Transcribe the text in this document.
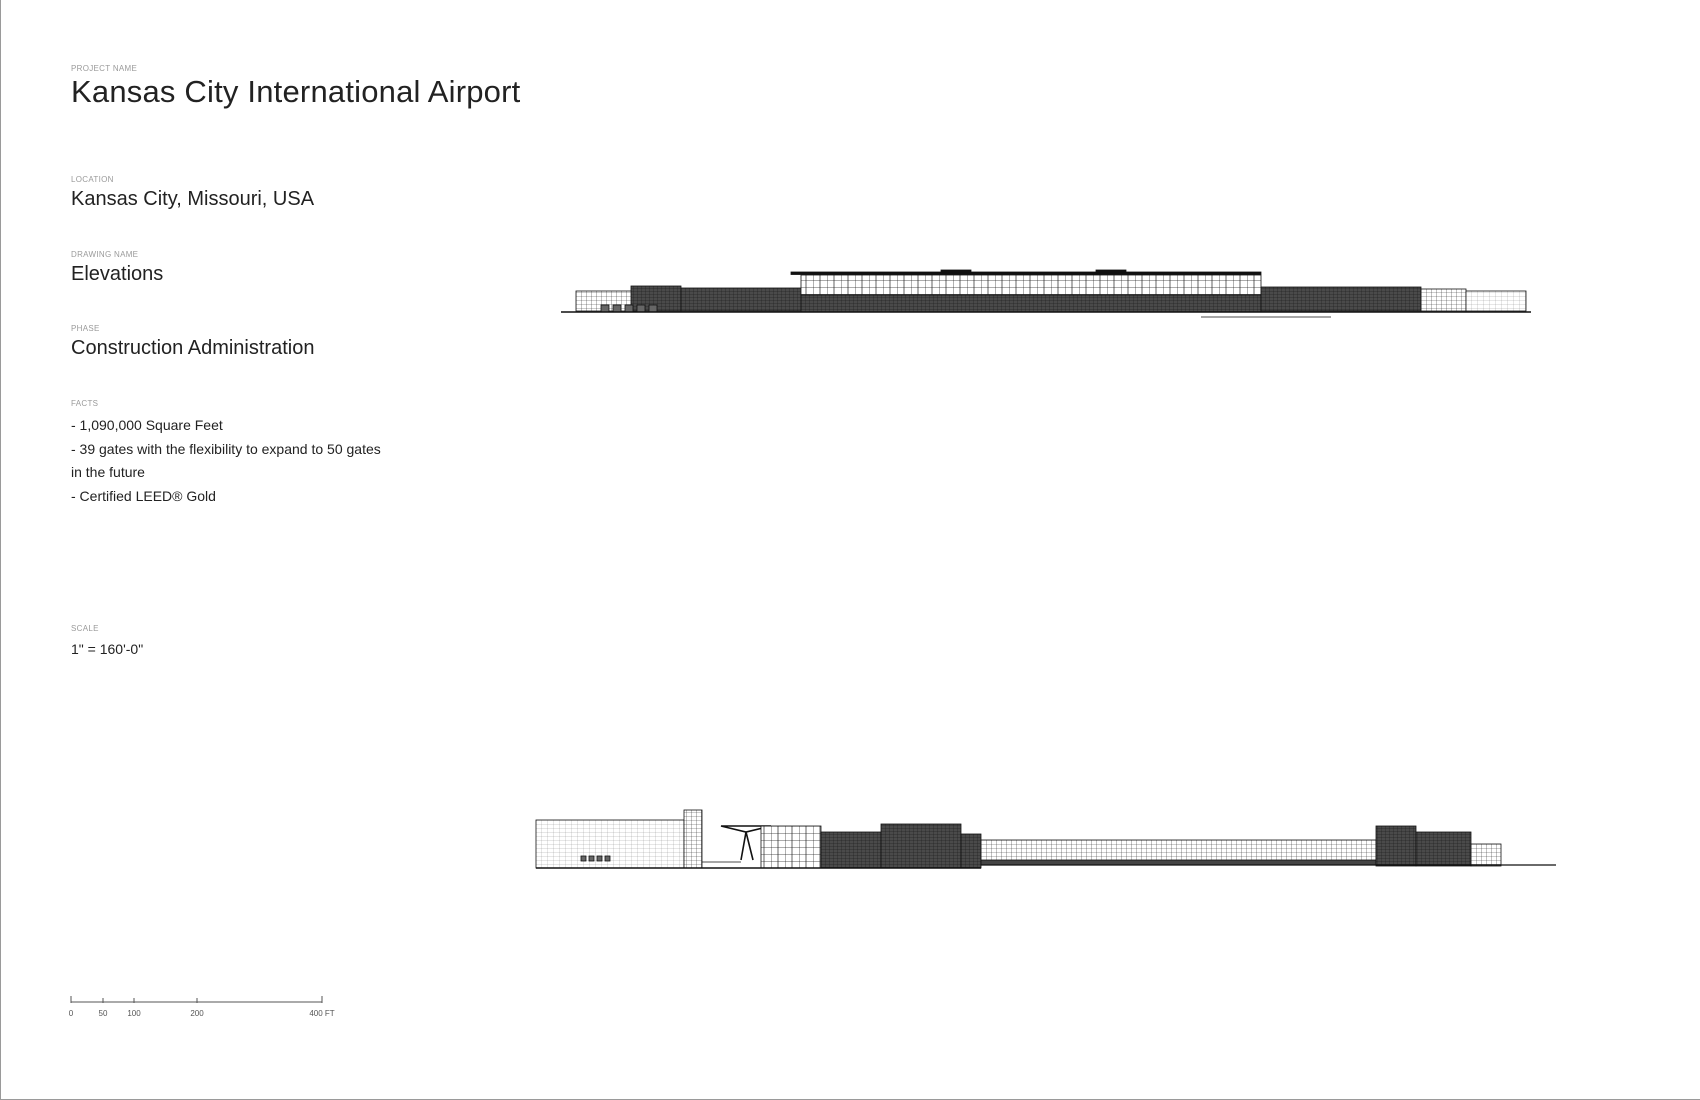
PROJECT NAME
Kansas City International Airport
LOCATION
Kansas City, Missouri, USA
DRAWING NAME
Elevations
PHASE
Construction Administration
FACTS
- 1,090,000 Square Feet
- 39 gates with the flexibility to expand to 50 gates
in the future
- Certified LEED® Gold
SCALE
1" = 160'-0"
0	50 100	200	400 FT
